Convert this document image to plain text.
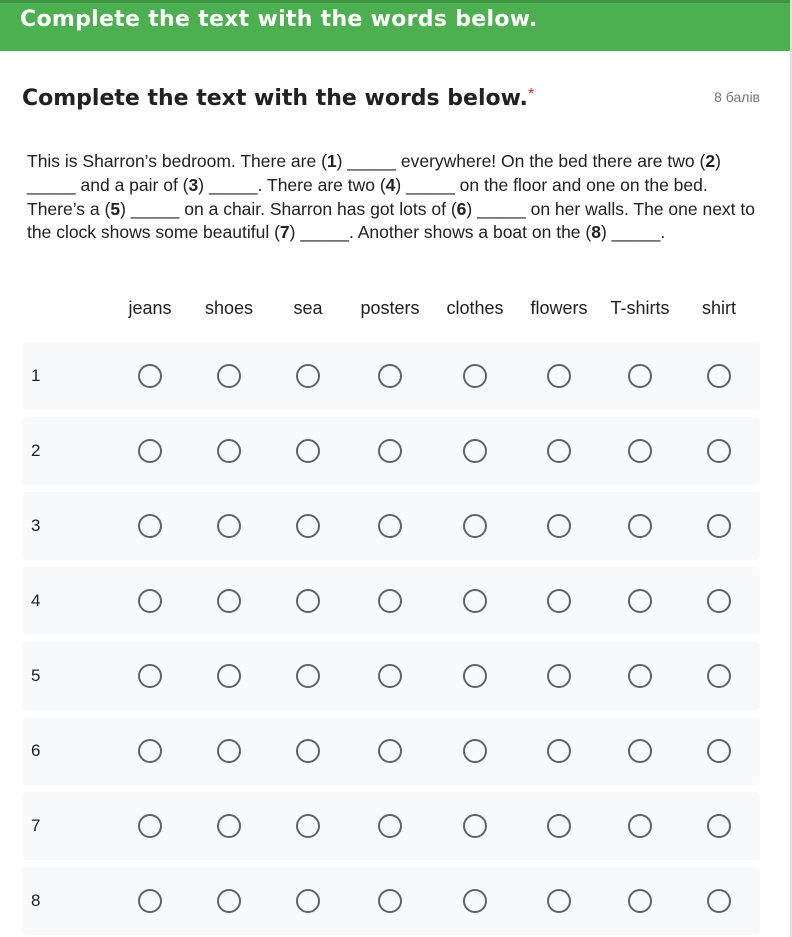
Complete the text with the words below.
Complete the text with the words below. *	8 балів
This is Sharron’s bedroom. There are (1) _____ everywhere! On the bed there are two (2) _____ and a pair of (3) _____. There are two (4) _____ on the floor and one on the bed. There’s a (5) _____ on a chair. Sharron has got lots of (6) _____ on her walls. The one next to the clock shows some beautiful (7) _____. Another shows a boat on the (8) _____.
jeans shoes sea posters clothes flowers T-shirts shirt
1
2
3
4
5
6
7
8
